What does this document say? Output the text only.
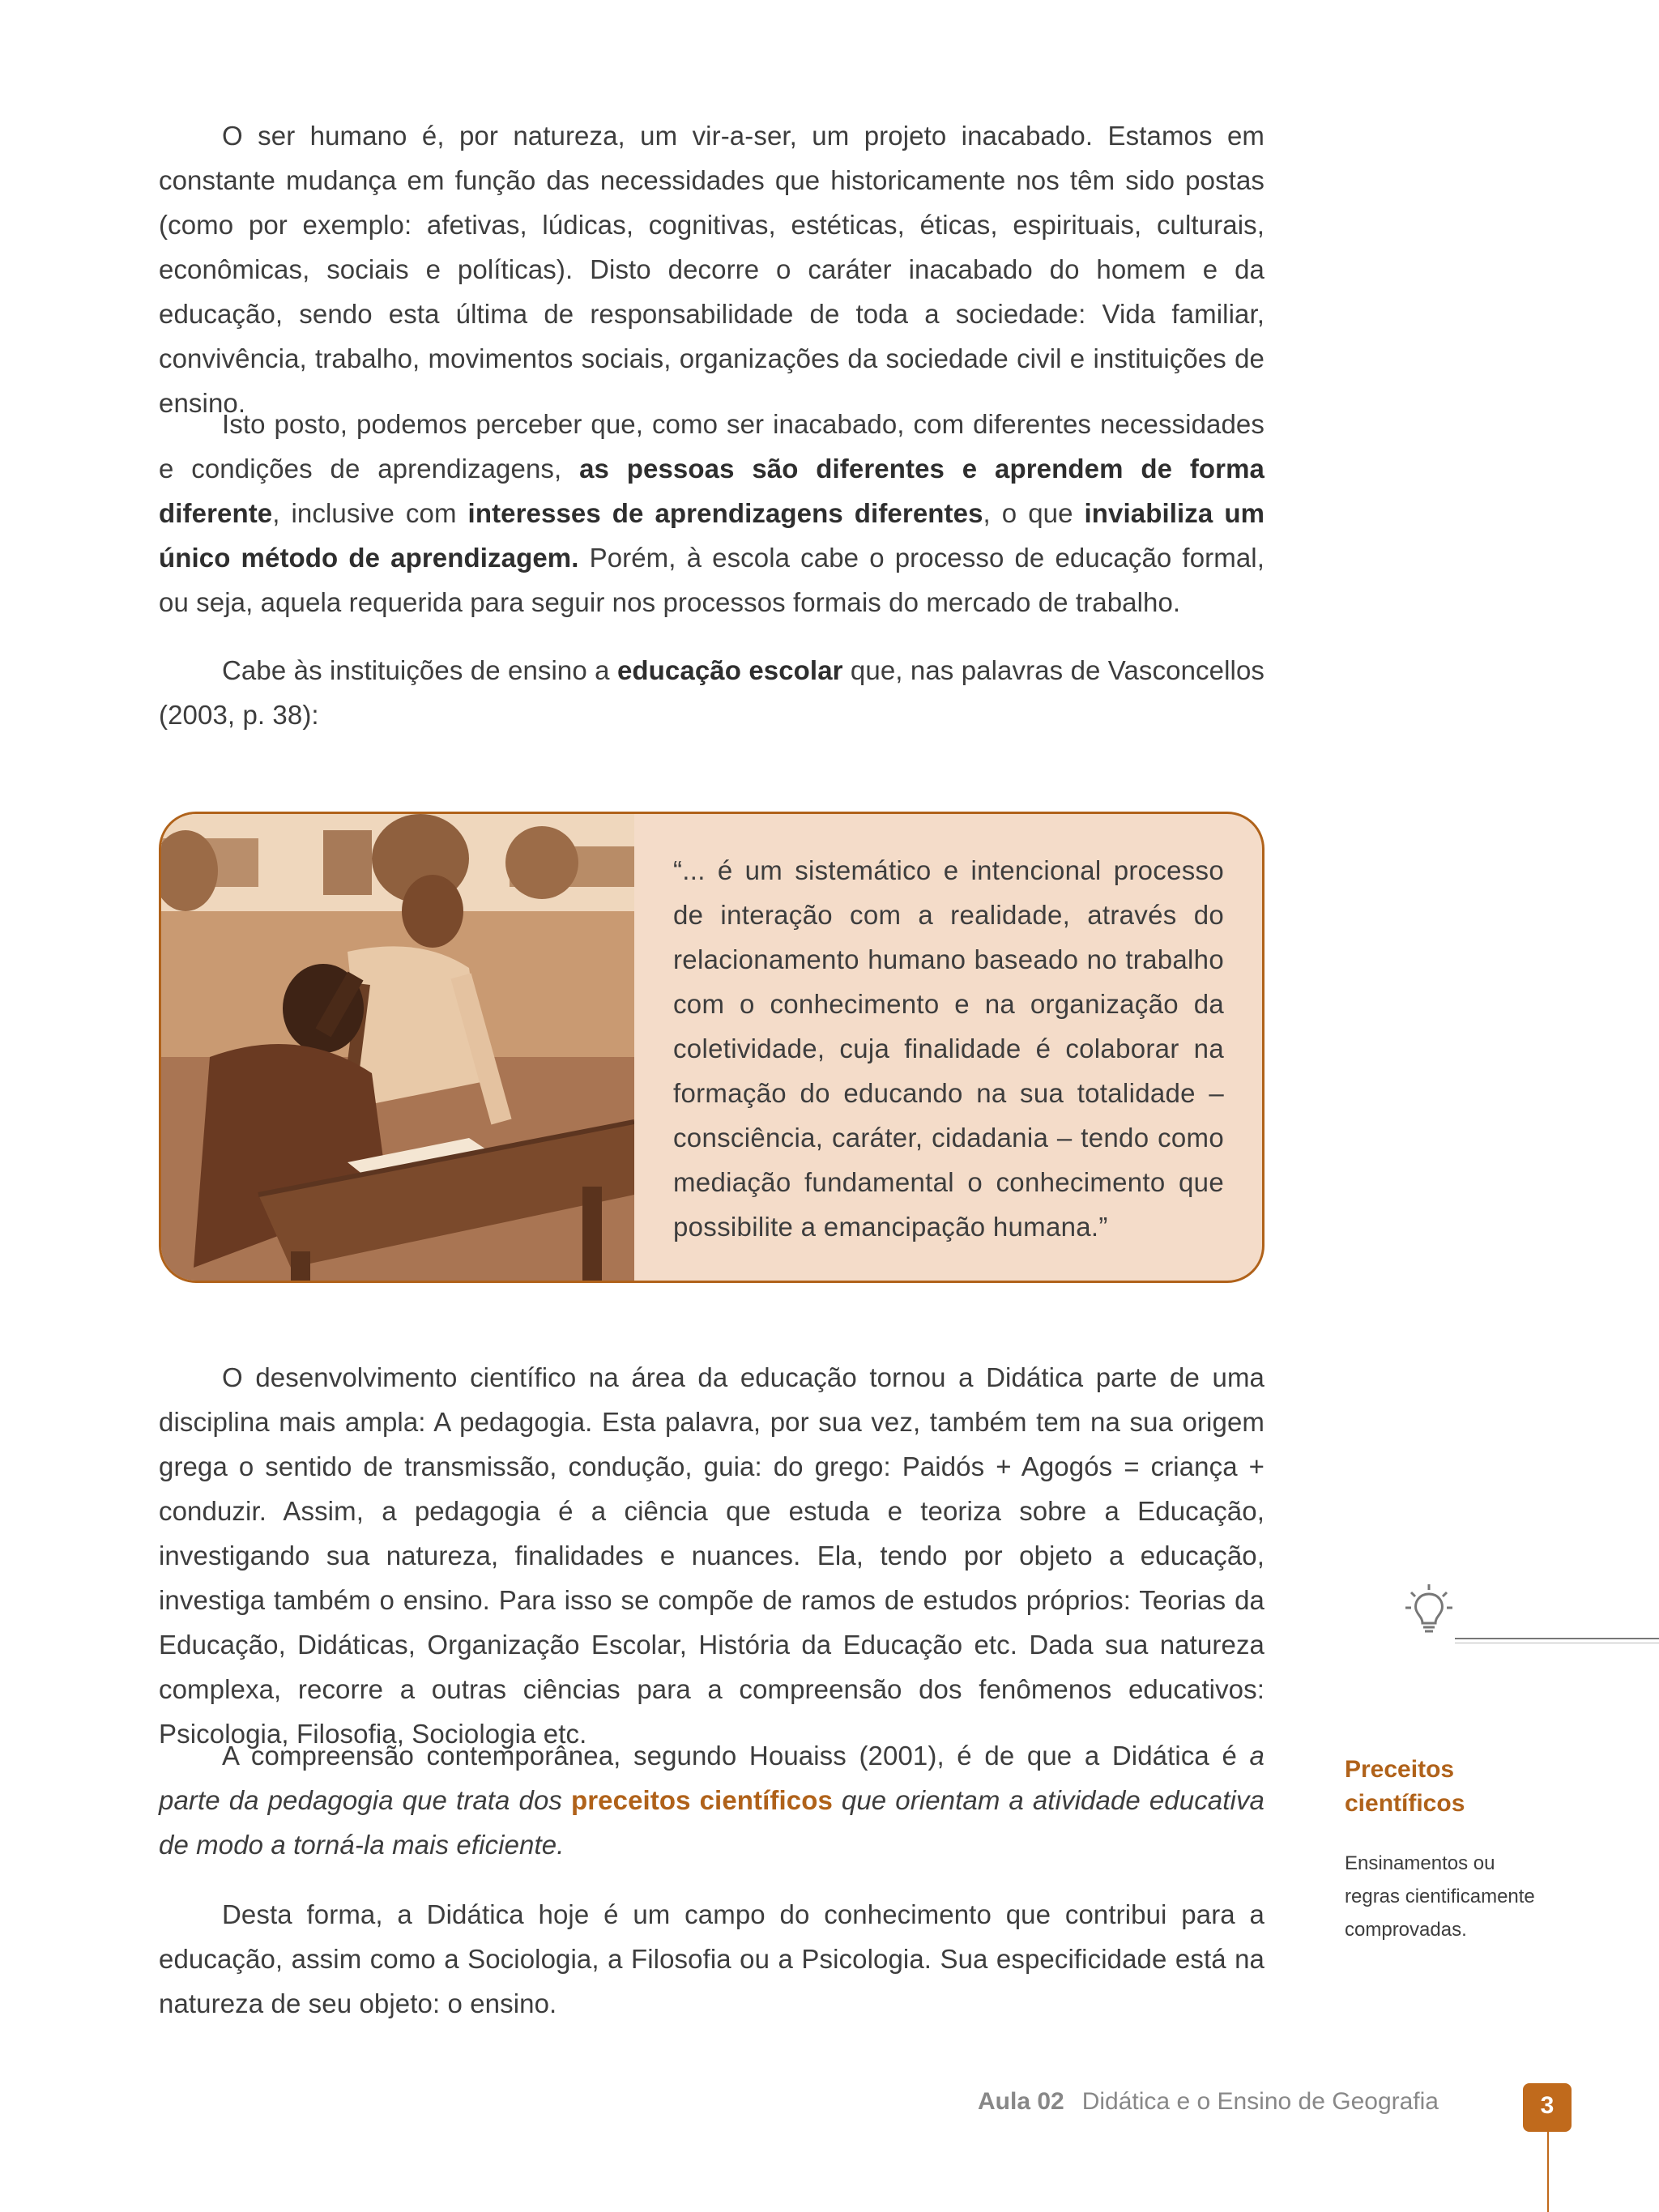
O ser humano é, por natureza, um vir-a-ser, um projeto inacabado. Estamos em constante mudança em função das necessidades que historicamente nos têm sido postas (como por exemplo: afetivas, lúdicas, cognitivas, estéticas, éticas, espirituais, culturais, econômicas, sociais e políticas). Disto decorre o caráter inacabado do homem e da educação, sendo esta última de responsabilidade de toda a sociedade: Vida familiar, convivência, trabalho, movimentos sociais, organizações da sociedade civil e instituições de ensino.

Isto posto, podemos perceber que, como ser inacabado, com diferentes necessidades e condições de aprendizagens, as pessoas são diferentes e aprendem de forma diferente, inclusive com interesses de aprendizagens diferentes, o que inviabiliza um único método de aprendizagem. Porém, à escola cabe o processo de educação formal, ou seja, aquela requerida para seguir nos processos formais do mercado de trabalho.

Cabe às instituições de ensino a educação escolar que, nas palavras de Vasconcellos (2003, p. 38):

“... é um sistemático e intencional processo de interação com a realidade, através do relacionamento humano baseado no trabalho com o conhecimento e na organização da coletividade, cuja finalidade é colaborar na formação do educando na sua totalidade – consciência, caráter, cidadania – tendo como mediação fundamental o conhecimento que possibilite a emancipação humana.”

O desenvolvimento científico na área da educação tornou a Didática parte de uma disciplina mais ampla: A pedagogia. Esta palavra, por sua vez, também tem na sua origem grega o sentido de transmissão, condução, guia: do grego: Paidós + Agogós = criança + conduzir. Assim, a pedagogia é a ciência que estuda e teoriza sobre a Educação, investigando sua natureza, finalidades e nuances. Ela, tendo por objeto a educação, investiga também o ensino. Para isso se compõe de ramos de estudos próprios: Teorias da Educação, Didáticas, Organização Escolar, História da Educação etc. Dada sua natureza complexa, recorre a outras ciências para a compreensão dos fenômenos educativos: Psicologia, Filosofia, Sociologia etc.

A compreensão contemporânea, segundo Houaiss (2001), é de que a Didática é a parte da pedagogia que trata dos preceitos científicos que orientam a atividade educativa de modo a torná-la mais eficiente.

Desta forma, a Didática hoje é um campo do conhecimento que contribui para a educação, assim como a Sociologia, a Filosofia ou a Psicologia. Sua especificidade está na natureza de seu objeto: o ensino.

Preceitos científicos
Ensinamentos ou regras cientificamente comprovadas.
Aula 02 Didática e o Ensino de Geografia	3
